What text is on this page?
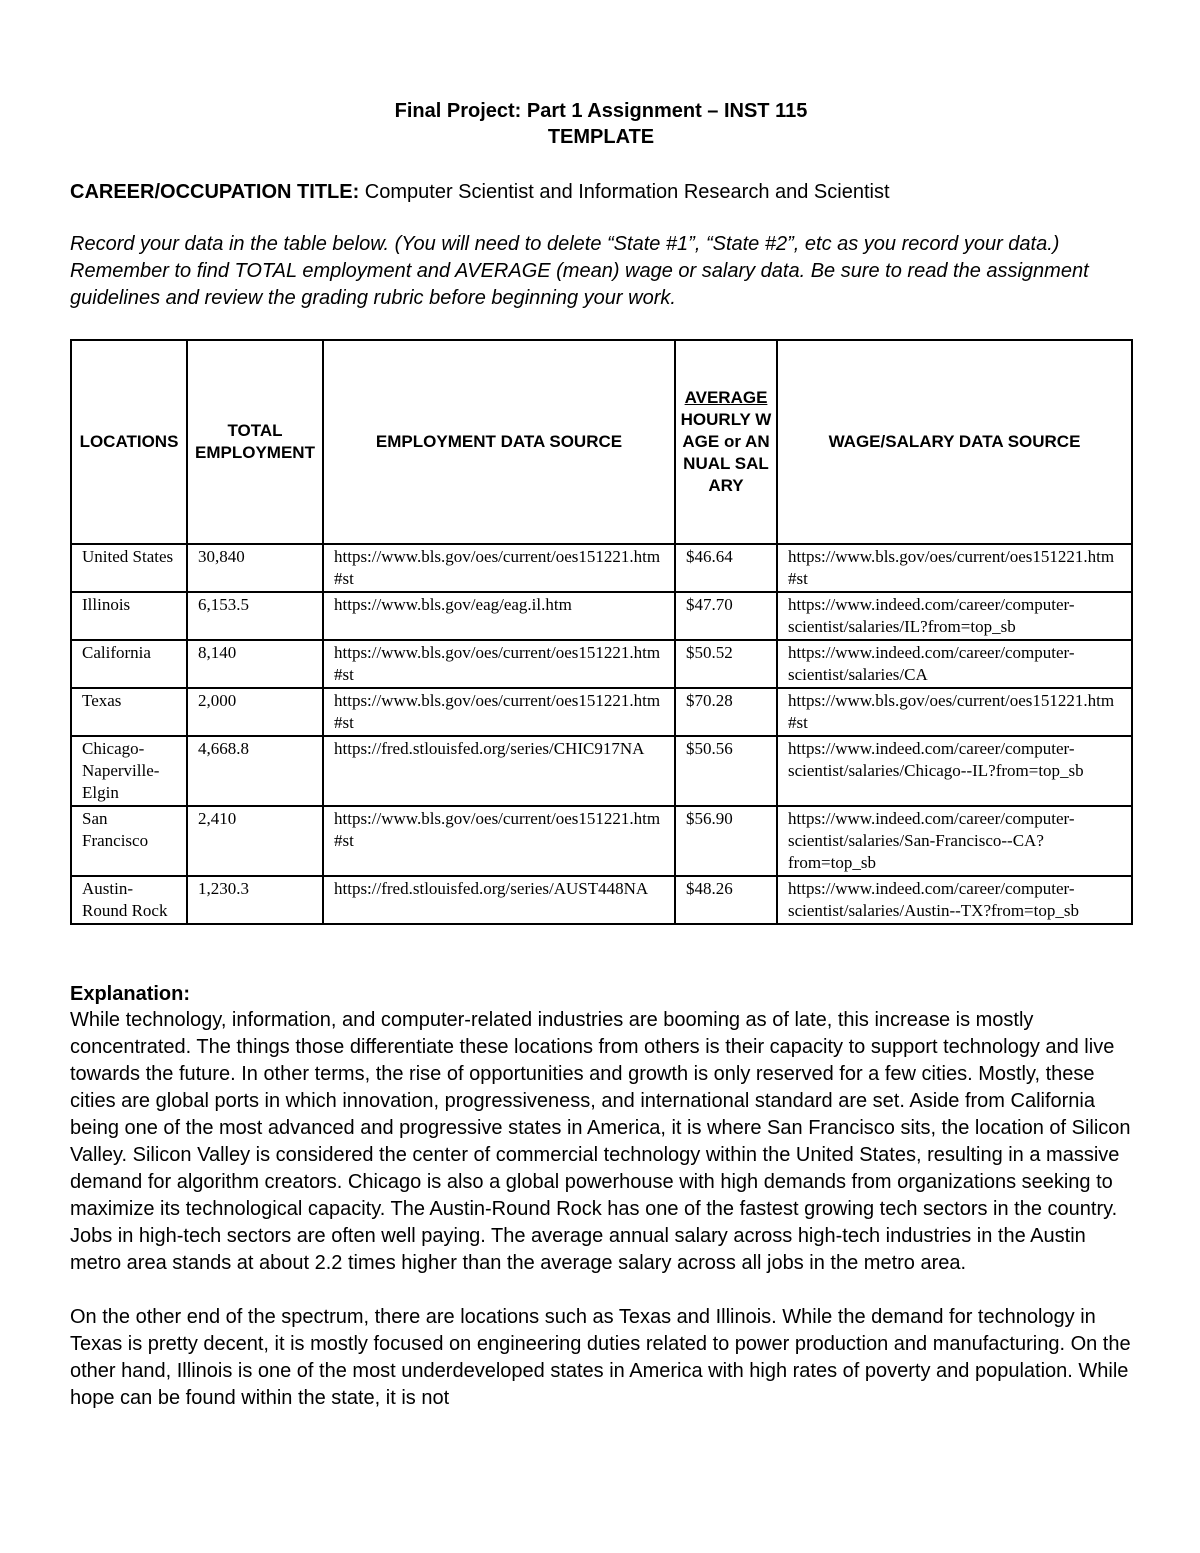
Final Project: Part 1 Assignment – INST 115
TEMPLATE
CAREER/OCCUPATION TITLE: Computer Scientist and Information Research and Scientist
Record your data in the table below. (You will need to delete “State #1”, “State #2”, etc as you record your data.) Remember to find TOTAL employment and AVERAGE (mean) wage or salary data. Be sure to read the assignment guidelines and review the grading rubric before beginning your work.
LOCATIONS	TOTAL EMPLOYMENT	EMPLOYMENT DATA SOURCE	AVERAGE HOURLY WAGE or ANNUAL SALARY	WAGE/SALARY DATA SOURCE
United States	30,840	https://www.bls.gov/oes/current/oes151221.htm#st	$46.64	https://www.bls.gov/oes/current/oes151221.htm#st
Illinois	6,153.5	https://www.bls.gov/eag/eag.il.htm	$47.70	https://www.indeed.com/career/computer-scientist/salaries/IL?from=top_sb
California	8,140	https://www.bls.gov/oes/current/oes151221.htm#st	$50.52	https://www.indeed.com/career/computer-scientist/salaries/CA
Texas	2,000	https://www.bls.gov/oes/current/oes151221.htm#st	$70.28	https://www.bls.gov/oes/current/oes151221.htm#st
Chicago-Naperville-Elgin	4,668.8	https://fred.stlouisfed.org/series/CHIC917NA	$50.56	https://www.indeed.com/career/computer-scientist/salaries/Chicago--IL?from=top_sb
San Francisco	2,410	https://www.bls.gov/oes/current/oes151221.htm#st	$56.90	https://www.indeed.com/career/computer-scientist/salaries/San-Francisco--CA?from=top_sb
Austin-Round Rock	1,230.3	https://fred.stlouisfed.org/series/AUST448NA	$48.26	https://www.indeed.com/career/computer-scientist/salaries/Austin--TX?from=top_sb
Explanation:

While technology, information, and computer-related industries are booming as of late, this increase is mostly concentrated. The things those differentiate these locations from others is their capacity to support technology and live towards the future. In other terms, the rise of opportunities and growth is only reserved for a few cities. Mostly, these cities are global ports in which innovation, progressiveness, and international standard are set. Aside from California being one of the most advanced and progressive states in America, it is where San Francisco sits, the location of Silicon Valley. Silicon Valley is considered the center of commercial technology within the United States, resulting in a massive demand for algorithm creators. Chicago is also a global powerhouse with high demands from organizations seeking to maximize its technological capacity. The Austin-Round Rock has one of the fastest growing tech sectors in the country. Jobs in high-tech sectors are often well paying. The average annual salary across high-tech industries in the Austin metro area stands at about 2.2 times higher than the average salary across all jobs in the metro area.

On the other end of the spectrum, there are locations such as Texas and Illinois. While the demand for technology in Texas is pretty decent, it is mostly focused on engineering duties related to power production and manufacturing. On the other hand, Illinois is one of the most underdeveloped states in America with high rates of poverty and population. While hope can be found within the state, it is not
